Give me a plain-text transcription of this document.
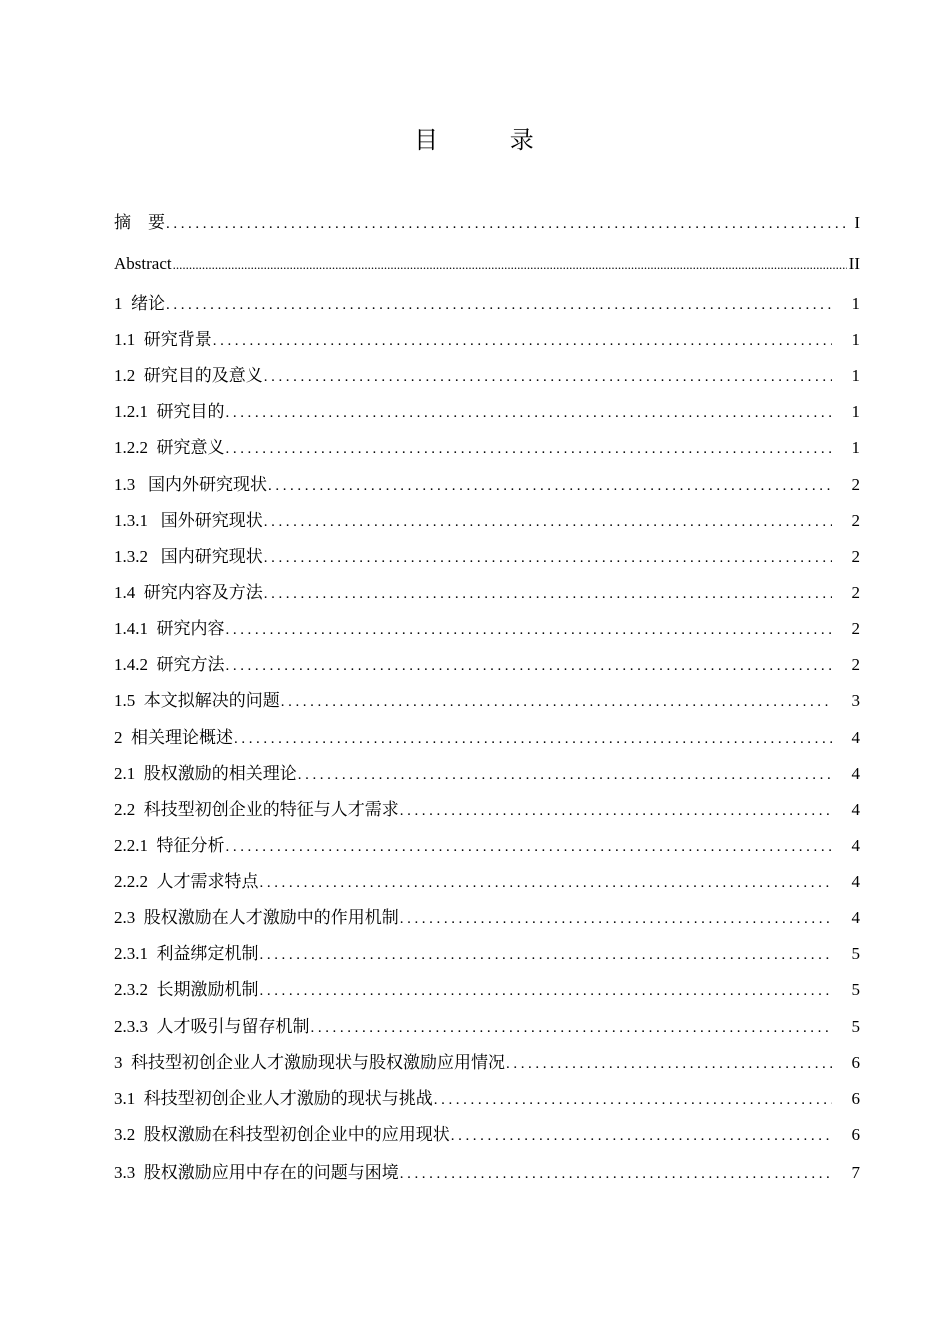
目 录
摘    要 .....	I
Abstract .....	II
1  绪论 .....	1
1.1  研究背景 .....	1
1.2  研究目的及意义 .....	1
1.2.1  研究目的 .....	1
1.2.2  研究意义 .....	1
1.3   国内外研究现状 .....	2
1.3.1   国外研究现状 .....	2
1.3.2   国内研究现状 .....	2
1.4  研究内容及方法 .....	2
1.4.1  研究内容 .....	2
1.4.2  研究方法 .....	2
1.5  本文拟解决的问题 .....	3
2  相关理论概述 .....	4
2.1  股权激励的相关理论 .....	4
2.2  科技型初创企业的特征与人才需求 .....	4
2.2.1  特征分析 .....	4
2.2.2  人才需求特点 .....	4
2.3  股权激励在人才激励中的作用机制 .....	4
2.3.1  利益绑定机制 .....	5
2.3.2  长期激励机制 .....	5
2.3.3  人才吸引与留存机制 .....	5
3  科技型初创企业人才激励现状与股权激励应用情况 .....	6
3.1  科技型初创企业人才激励的现状与挑战 .....	6
3.2  股权激励在科技型初创企业中的应用现状 .....	6
3.3  股权激励应用中存在的问题与困境 .....	7
